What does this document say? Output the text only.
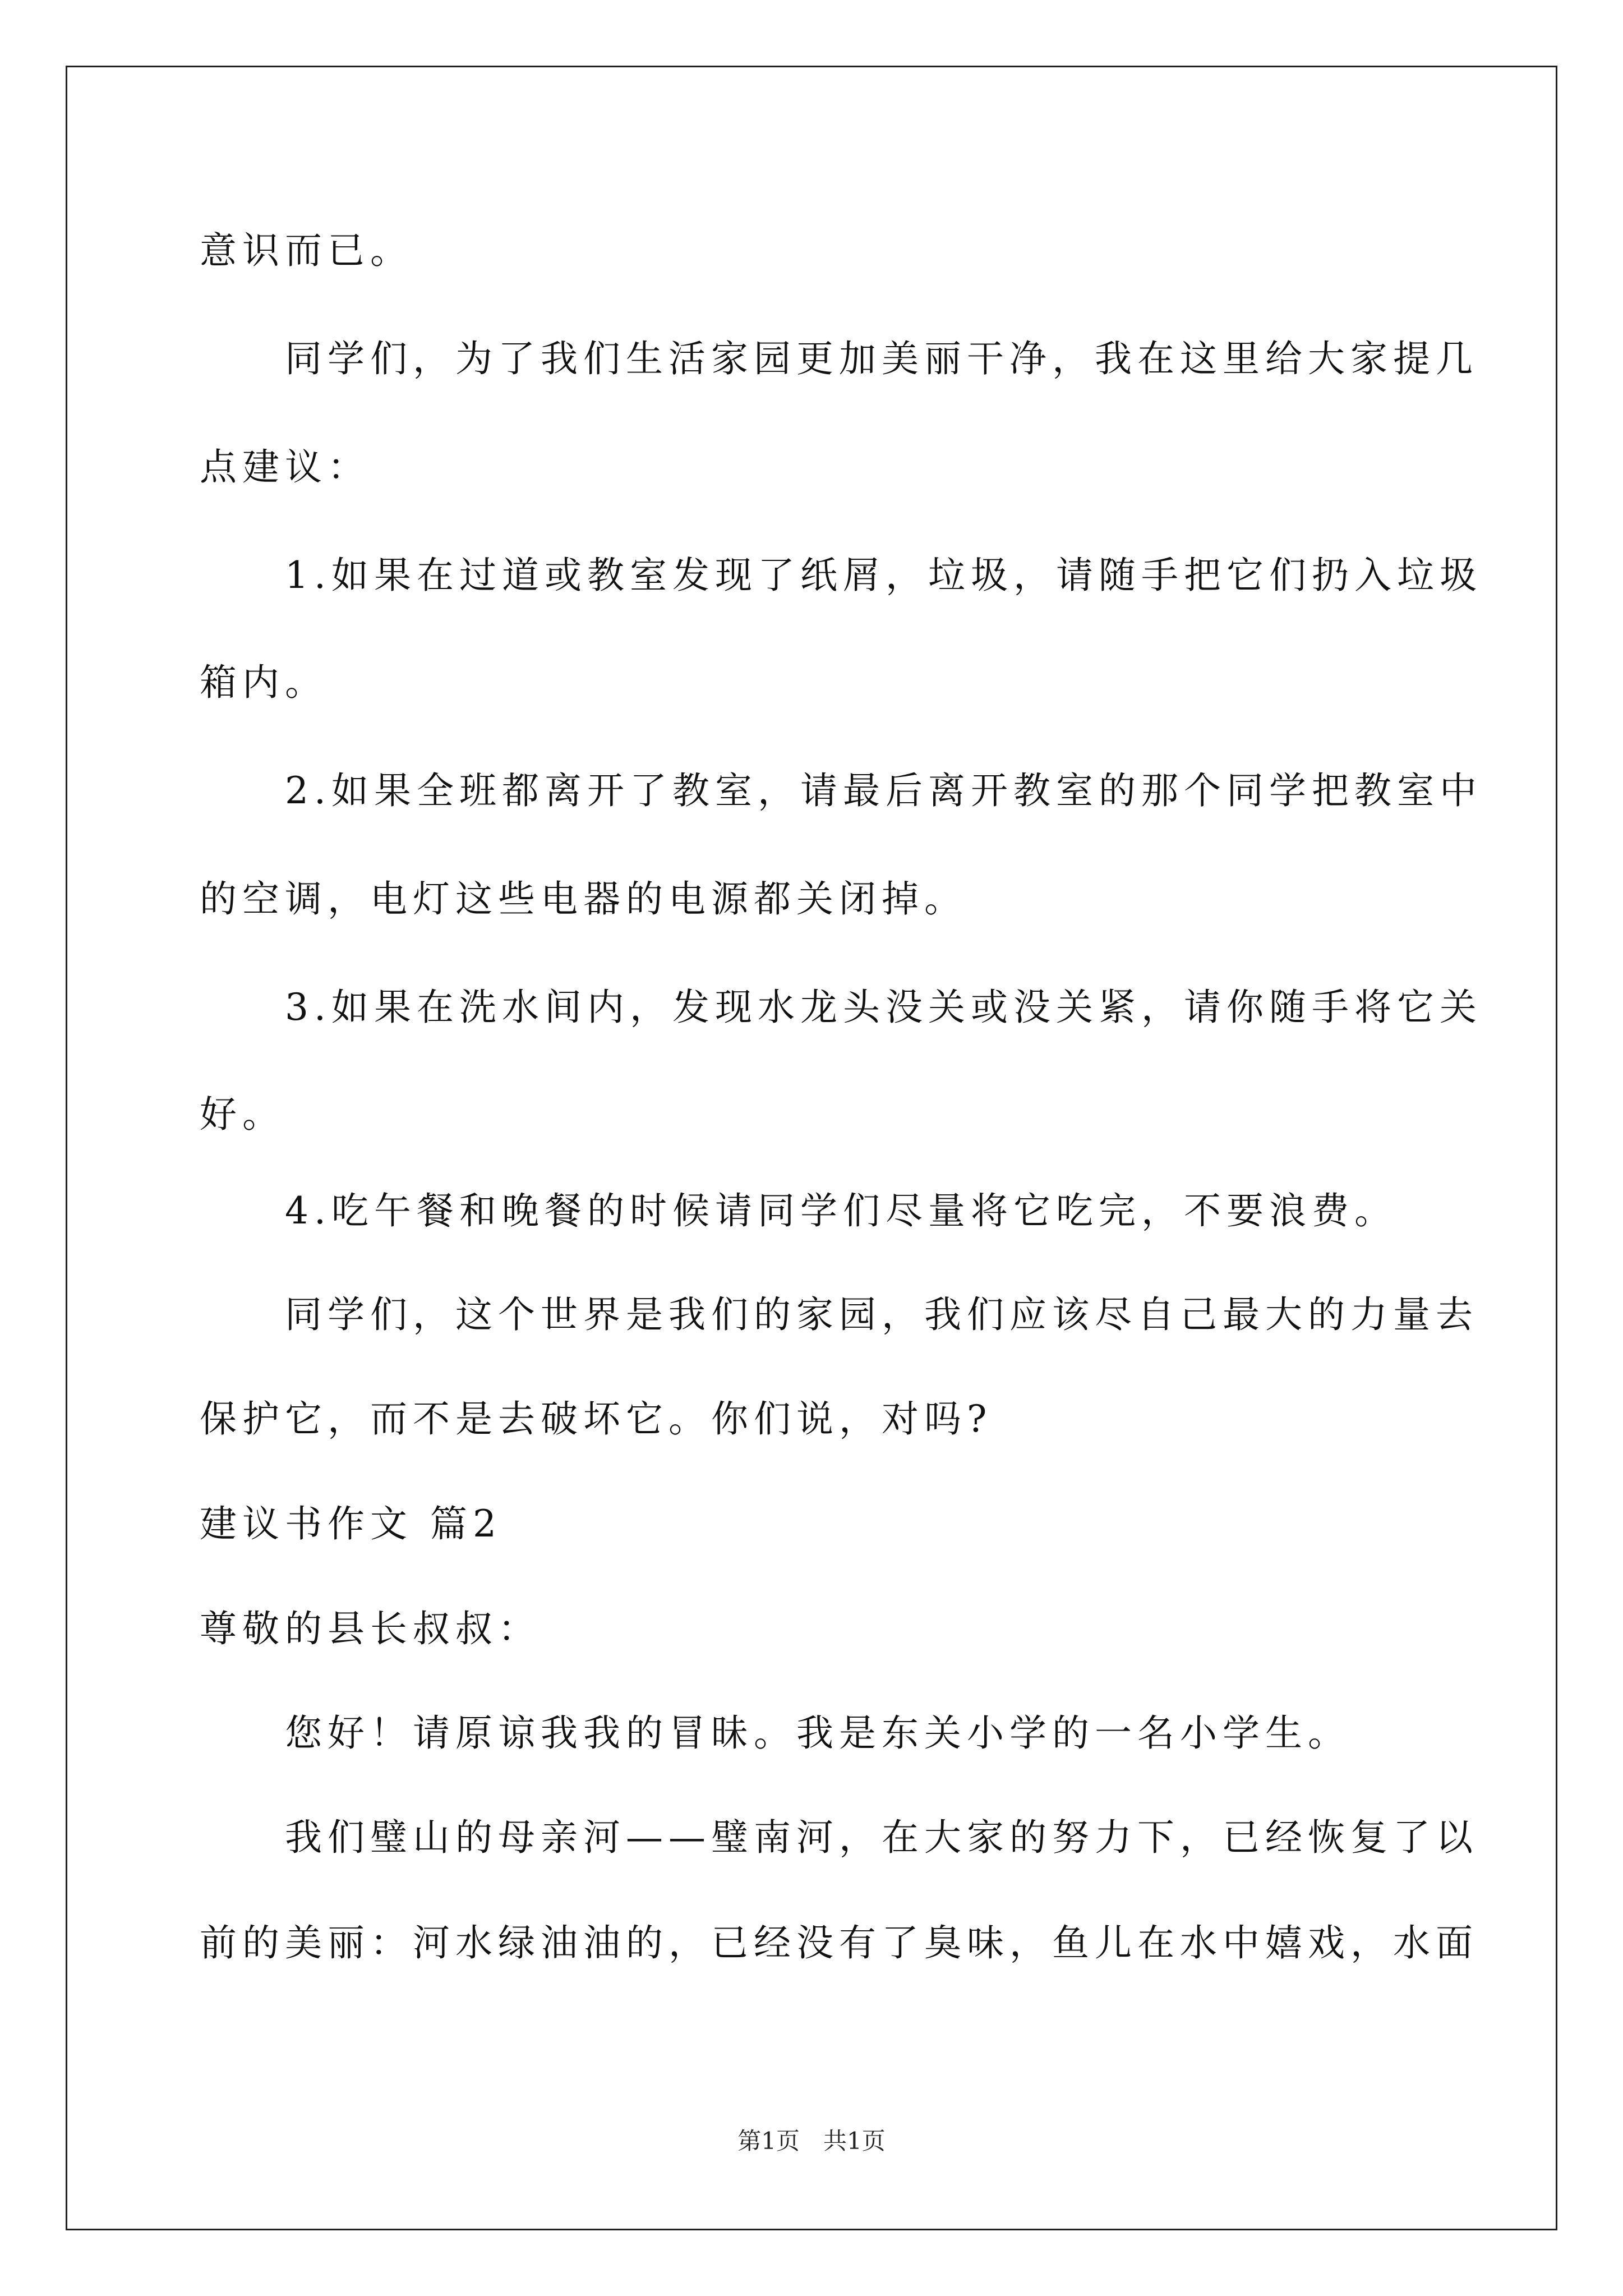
意识而已。
　　同学们，为了我们生活家园更加美丽干净，我在这里给大家提几
点建议：
　　1.如果在过道或教室发现了纸屑，垃圾，请随手把它们扔入垃圾
箱内。
　　2.如果全班都离开了教室，请最后离开教室的那个同学把教室中
的空调，电灯这些电器的电源都关闭掉。
　　3.如果在洗水间内，发现水龙头没关或没关紧，请你随手将它关
好。
　　4.吃午餐和晚餐的时候请同学们尽量将它吃完，不要浪费。
　　同学们，这个世界是我们的家园，我们应该尽自己最大的力量去
保护它，而不是去破坏它。你们说，对吗?
建议书作文 篇2
尊敬的县长叔叔：
　　您好！请原谅我我的冒昧。我是东关小学的一名小学生。
　　我们璧山的母亲河——璧南河，在大家的努力下，已经恢复了以
前的美丽：河水绿油油的，已经没有了臭味，鱼儿在水中嬉戏，水面
第1页　共1页
